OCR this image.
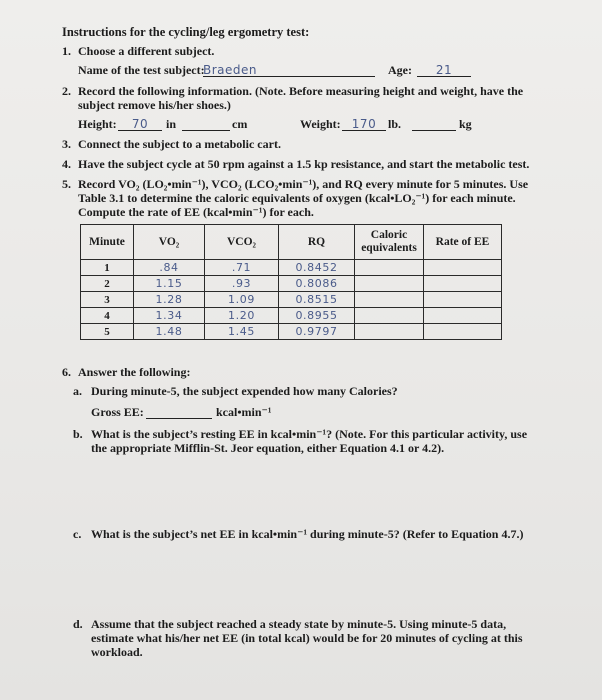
Instructions for the cycling/leg ergometry test:
1. Choose a different subject.
Name of the test subject:
Braeden	Age:	21
2. Record the following information. (Note. Before measuring height and weight, have the
subject remove his/her shoes.)
Height:	70	in	cm	Weight: 170 lb.	kg
3. Connect the subject to a metabolic cart.
4. Have the subject cycle at 50 rpm against a 1.5 kp resistance, and start the metabolic test.
5. Record VO₂ (LO₂•min⁻¹), VCO₂ (LCO₂•min⁻¹), and RQ every minute for 5 minutes. Use
Table 3.1 to determine the caloric equivalents of oxygen (kcal•LO₂⁻¹) for each minute.
Compute the rate of EE (kcal•min⁻¹) for each.
Minute	VO₂	VCO₂	RQ	Caloric equivalents	Rate of EE
1	.84	.71	0.8452		
2	1.15	.93	0.8086		
3	1.28	1.09	0.8515		
4	1.34	1.20	0.8955		
5	1.48	1.45	0.9797		
6. Answer the following:
a. During minute-5, the subject expended how many Calories?
Gross EE:	kcal•min⁻¹
b. What is the subject’s resting EE in kcal•min⁻¹? (Note. For this particular activity, use
the appropriate Mifflin-St. Jeor equation, either Equation 4.1 or 4.2).
c. What is the subject’s net EE in kcal•min⁻¹ during minute-5? (Refer to Equation 4.7.)
d. Assume that the subject reached a steady state by minute-5. Using minute-5 data,
estimate what his/her net EE (in total kcal) would be for 20 minutes of cycling at this
workload.
